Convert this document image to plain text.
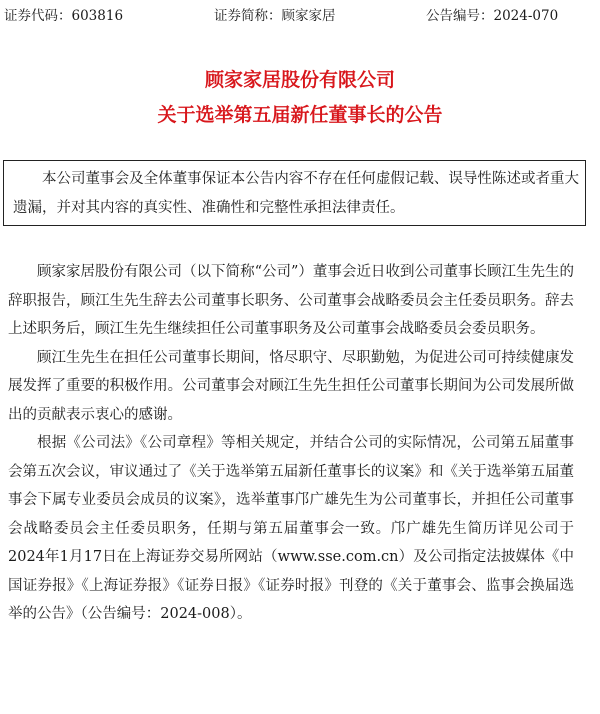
证券代码：603816	证券简称：顾家家居	公告编号：2024-070
顾家家居股份有限公司
关于选举第五届新任董事长的公告

本公司董事会及全体董事保证本公告内容不存在任何虚假记载、误导性陈述或者重大遗漏，并对其内容的真实性、准确性和完整性承担法律责任。

顾家家居股份有限公司（以下简称“公司”）董事会近日收到公司董事长顾江生先生的辞职报告，顾江生先生辞去公司董事长职务、公司董事会战略委员会主任委员职务。辞去上述职务后，顾江生先生继续担任公司董事职务及公司董事会战略委员会委员职务。

顾江生先生在担任公司董事长期间，恪尽职守、尽职勤勉，为促进公司可持续健康发展发挥了重要的积极作用。公司董事会对顾江生先生担任公司董事长期间为公司发展所做出的贡献表示衷心的感谢。

根据《公司法》《公司章程》等相关规定，并结合公司的实际情况，公司第五届董事会第五次会议，审议通过了《关于选举第五届新任董事长的议案》和《关于选举第五届董事会下属专业委员会成员的议案》，选举董事邝广雄先生为公司董事长，并担任公司董事会战略委员会主任委员职务，任期与第五届董事会一致。邝广雄先生简历详见公司于2024年1月17日在上海证券交易所网站（www.sse.com.cn）及公司指定法披媒体《中国证券报》《上海证券报》《证券日报》《证券时报》刊登的《关于董事会、监事会换届选举的公告》（公告编号：2024-008）。
